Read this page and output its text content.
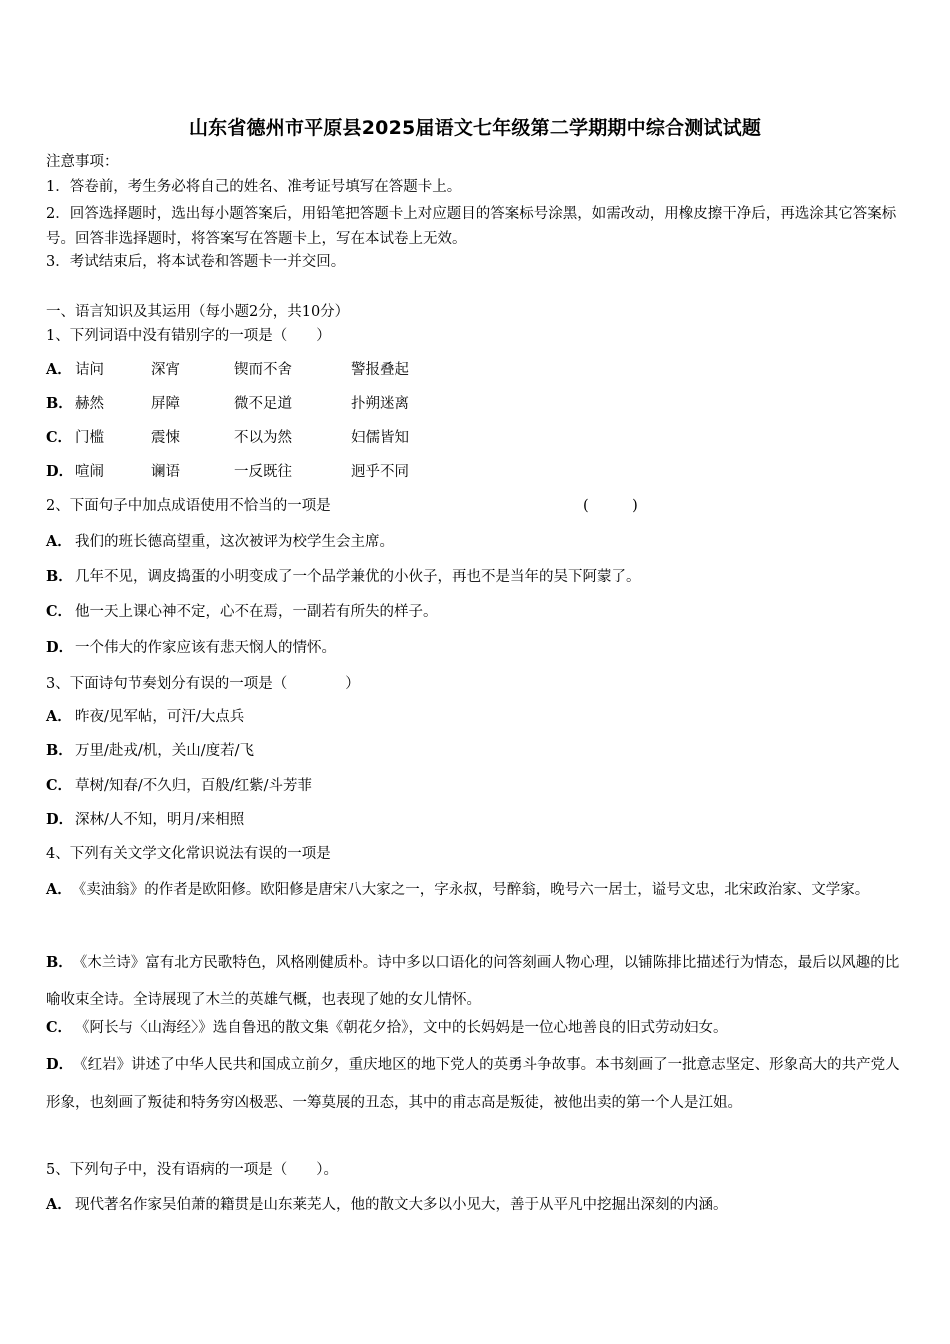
山东省德州市平原县2025届语文七年级第二学期期中综合测试试题
注意事项：
1．答卷前，考生务必将自己的姓名、准考证号填写在答题卡上。
2．回答选择题时，选出每小题答案后，用铅笔把答题卡上对应题目的答案标号涂黑，如需改动，用橡皮擦干净后，再选涂其它答案标号。回答非选择题时，将答案写在答题卡上，写在本试卷上无效。
3．考试结束后，将本试卷和答题卡一并交回。
一、语言知识及其运用（每小题2分，共10分）
1、下列词语中没有错别字的一项是（　　）
A． 诘问	深宵	锲而不舍	警报叠起
B． 赫然	屏障	微不足道	扑朔迷离
C． 门槛	震悚	不以为然	妇儒皆知
D． 喧闹	谰语	一反既往	迥乎不同
2、下面句子中加点成语使用不恰当的一项是	(　　　)
A． 我们的班长德高望重，这次被评为校学生会主席。
B． 几年不见，调皮捣蛋的小明变成了一个品学兼优的小伙子，再也不是当年的吴下阿蒙了。
C． 他一天上课心神不定，心不在焉，一副若有所失的样子。
D． 一个伟大的作家应该有悲天悯人的情怀。
3、下面诗句节奏划分有误的一项是（　　　　）
A． 昨夜/见军帖，可汗/大点兵
B． 万里/赴戎/机，关山/度若/飞
C． 草树/知春/不久归，百般/红紫/斗芳菲
D． 深林/人不知，明月/来相照
4、下列有关文学文化常识说法有误的一项是
A．《卖油翁》的作者是欧阳修。欧阳修是唐宋八大家之一，字永叔，号醉翁，晚号六一居士，谥号文忠，北宋政治家、文学家。
B．《木兰诗》富有北方民歌特色，风格刚健质朴。诗中多以口语化的问答刻画人物心理，以铺陈排比描述行为情态，最后以风趣的比喻收束全诗。全诗展现了木兰的英雄气概，也表现了她的女儿情怀。
C． 《阿长与〈山海经〉》选自鲁迅的散文集《朝花夕拾》，文中的长妈妈是一位心地善良的旧式劳动妇女。
D．《红岩》讲述了中华人民共和国成立前夕，重庆地区的地下党人的英勇斗争故事。本书刻画了一批意志坚定、形象高大的共产党人形象，也刻画了叛徒和特务穷凶极恶、一筹莫展的丑态，其中的甫志高是叛徒，被他出卖的第一个人是江姐。
5、下列句子中，没有语病的一项是（　　）。
A． 现代著名作家吴伯萧的籍贯是山东莱芜人，他的散文大多以小见大，善于从平凡中挖掘出深刻的内涵。
